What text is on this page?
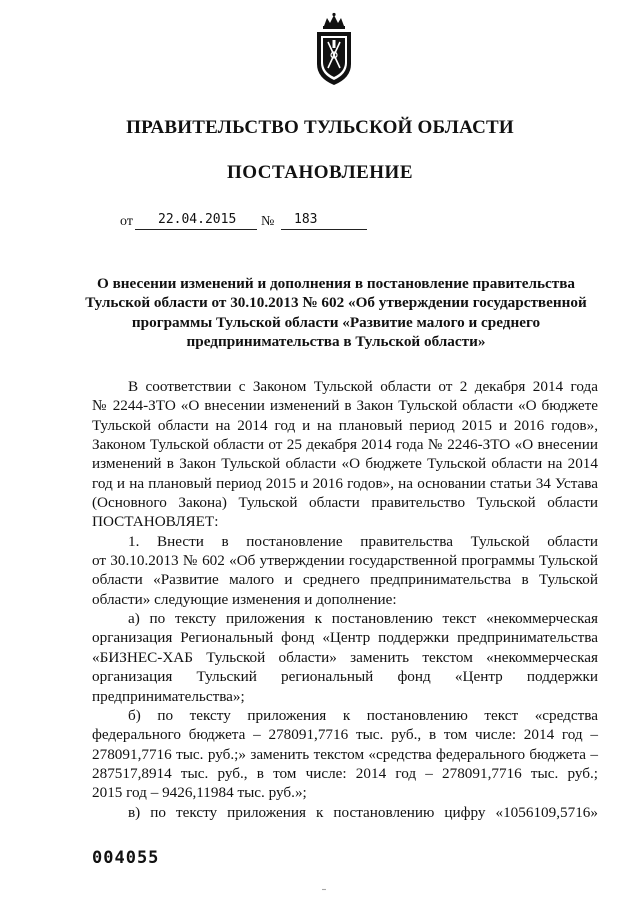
ПРАВИТЕЛЬСТВО ТУЛЬСКОЙ ОБЛАСТИ
ПОСТАНОВЛЕНИЕ
от 22.04.2015 № 183
О внесении изменений и дополнения в постановление правительства
Тульской области от 30.10.2013 № 602 «Об утверждении государственной
программы Тульской области «Развитие малого и среднего
предпринимательства в Тульской области»
В соответствии с Законом Тульской области от 2 декабря 2014 года
№ 2244-ЗТО «О внесении изменений в Закон Тульской области «О бюджете
Тульской области на 2014 год и на плановый период 2015 и 2016 годов»,
Законом Тульской области от 25 декабря 2014 года № 2246-ЗТО «О внесении
изменений в Закон Тульской области «О бюджете Тульской области на 2014
год и на плановый период 2015 и 2016 годов», на основании статьи 34 Устава
(Основного Закона) Тульской области правительство Тульской области
ПОСТАНОВЛЯЕТ:
1. Внести в постановление правительства Тульской области
от 30.10.2013 № 602 «Об утверждении государственной программы Тульской
области «Развитие малого и среднего предпринимательства в Тульской
области» следующие изменения и дополнение:
а) по тексту приложения к постановлению текст «некоммерческая
организация Региональный фонд «Центр поддержки предпринимательства
«БИЗНЕС-ХАБ Тульской области» заменить текстом «некоммерческая
организация Тульский региональный фонд «Центр поддержки
предпринимательства»;
б) по тексту приложения к постановлению текст «средства
федерального бюджета – 278091,7716 тыс. руб., в том числе: 2014 год –
278091,7716 тыс. руб.;» заменить текстом «средства федерального бюджета –
287517,8914 тыс. руб., в том числе: 2014 год – 278091,7716 тыс. руб.;
2015 год – 9426,11984 тыс. руб.»;
в) по тексту приложения к постановлению цифру «1056109,5716»
004055
